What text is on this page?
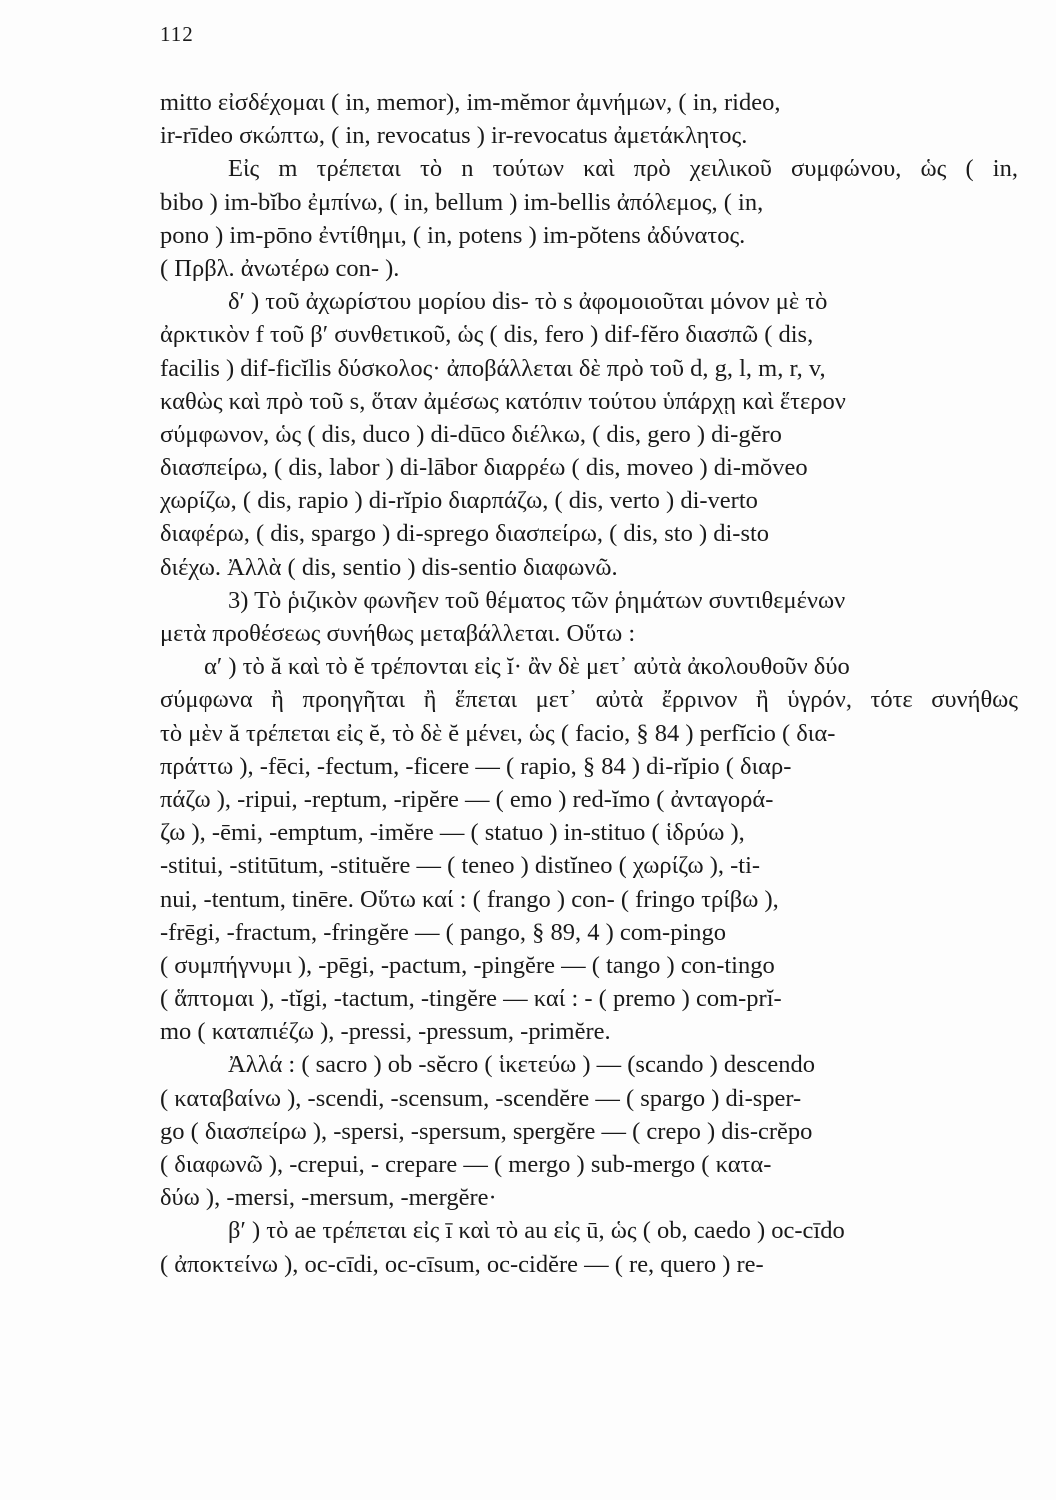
112
mitto εἰσδέχομαι ( in, memor), im-mĕmor ἀμνήμων, ( in, rideo,
ir-rīdeo σκώπτω, ( in, revocatus ) ir-revocatus ἀμετάκλητος.
Εἰς m τρέπεται τὸ n τούτων καὶ πρὸ χειλικοῦ συμφώνου, ὡς ( in,
bibo ) im-bĭbo ἐμπίνω, ( in, bellum ) im-bellis ἀπόλεμος, ( in,
pono ) im-pōno ἐντίθημι, ( in, potens ) im-pŏtens ἀδύνατος.
( Πρβλ. ἀνωτέρω con- ).
δ′ ) τοῦ ἀχωρίστου μορίου dis- τὸ s ἀφομοιοῦται μόνον μὲ τὸ
ἀρκτικὸν f τοῦ β′ συνθετικοῦ, ὡς ( dis, fero ) dif-fĕro διασπῶ ( dis,
facilis ) dif-ficĭlis δύσκολος· ἀποβάλλεται δὲ πρὸ τοῦ d, g, l, m, r, v,
καθὼς καὶ πρὸ τοῦ s, ὅταν ἀμέσως κατόπιν τούτου ὑπάρχῃ καὶ ἕτερον
σύμφωνον, ὡς ( dis, duco ) di-dūco διέλκω, ( dis, gero ) di-gĕro
διασπείρω, ( dis, labor ) di-lābor διαρρέω ( dis, moveo ) di-mŏveo
χωρίζω, ( dis, rapio ) di-rĭpio διαρπάζω, ( dis, verto ) di-verto
διαφέρω, ( dis, spargo ) di-sprego διασπείρω, ( dis, sto ) di-sto
διέχω. Ἀλλὰ ( dis, sentio ) dis-sentio διαφωνῶ.
3) Τὸ ῥιζικὸν φωνῆεν τοῦ θέματος τῶν ῥημάτων συντιθεμένων
μετὰ προθέσεως συνήθως μεταβάλλεται. Οὕτω :
α′ ) τὸ ă καὶ τὸ ĕ τρέπονται εἰς ĭ· ἂν δὲ μετ᾽ αὐτὰ ἀκολουθοῦν δύο
σύμφωνα ἢ προηγῆται ἢ ἕπεται μετ᾽ αὐτὰ ἔρρινον ἢ ὑγρόν, τότε συνήθως
τὸ μὲν ă τρέπεται εἰς ĕ, τὸ δὲ ĕ μένει, ὡς ( facio, § 84 ) perfĭcio ( δια-
πράττω ), -fēci, -fectum, -ficere — ( rapio, § 84 ) di-rĭpio ( διαρ-
πάζω ), -ripui, -reptum, -ripĕre — ( emo ) red-ĭmo ( ἀνταγορά-
ζω ), -ēmi, -emptum, -imĕre — ( statuo ) in-stituo ( ἱδρύω ),
-stitui, -stitūtum, -stituĕre — ( teneo ) distĭneo ( χωρίζω ), -ti-
nui, -tentum, tinēre. Οὕτω καί : ( frango ) con- ( fringo τρίβω ),
-frēgi, -fractum, -fringĕre — ( pango, § 89, 4 ) com-pingo
( συμπήγνυμι ), -pēgi, -pactum, -pingĕre — ( tango ) con-tingo
( ἅπτομαι ), -tĭgi, -tactum, -tingĕre — καί : - ( premo ) com-prĭ-
mo ( καταπιέζω ), -pressi, -pressum, -primĕre.
Ἀλλά : ( sacro ) ob -sĕcro ( ἱκετεύω ) — (scando ) descendo
( καταβαίνω ), -scendi, -scensum, -scendĕre — ( spargo ) di-sper-
go ( διασπείρω ), -spersi, -spersum, spergĕre — ( crepo ) dis-crĕpo
( διαφωνῶ ), -crepui, - crepare — ( mergo ) sub-mergo ( κατα-
δύω ), -mersi, -mersum, -mergĕre·
β′ ) τὸ ae τρέπεται εἰς ī καὶ τὸ au εἰς ū, ὡς ( ob, caedo ) oc-cīdo
( ἀποκτείνω ), oc-cīdi, oc-cīsum, oc-cidĕre — ( re, quero ) re-
